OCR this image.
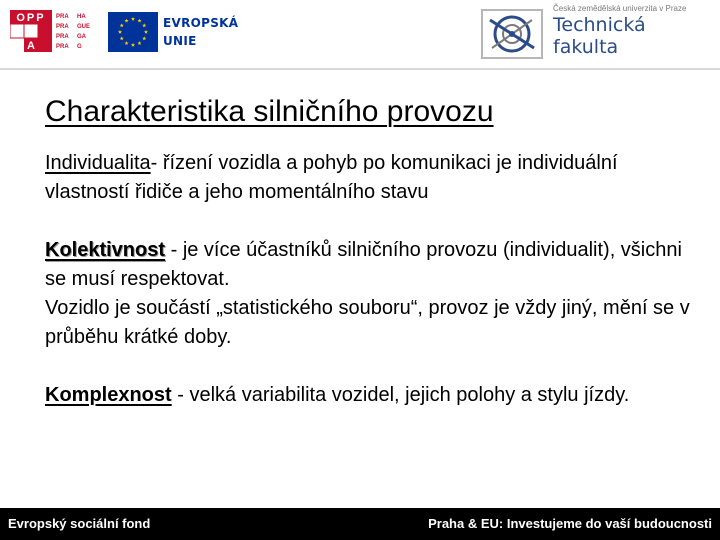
OPP
A
PRA	HA
PRA	GUE
PRA	GA
PRA	G
EVROPSKÁ
UNIE
Česká zemědělská univerzita v Praze
Technická
fakulta
Charakteristika silničního provozu
Individualita- řízení vozidla a pohyb po komunikaci je individuální vlastností řidiče a jeho momentálního stavu
Kolektivnost - je více účastníků silničního provozu (individualit), všichni se musí respektovat.
Vozidlo je součástí „statistického souboru“, provoz je vždy jiný, mění se v průběhu krátké doby.
Komplexnost - velká variabilita vozidel, jejich polohy a stylu jízdy.
Evropský sociální fond	Praha & EU: Investujeme do vaší budoucnosti
